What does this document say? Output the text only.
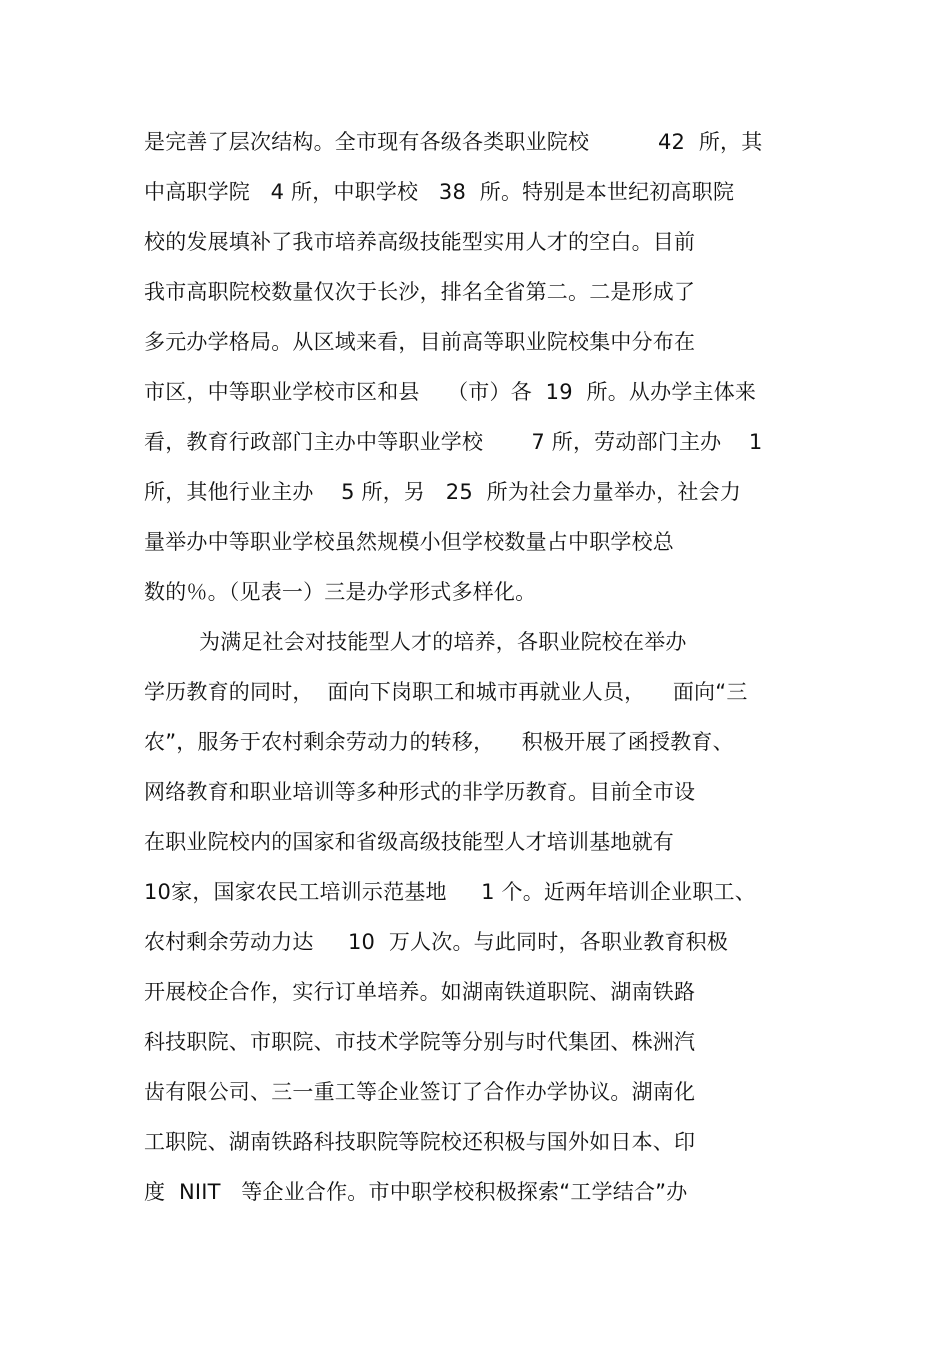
是完善了层次结构。全市现有各级各类职业院校          42  所，其
中高职学院   4 所，中职学校   38  所。特别是本世纪初高职院
校的发展填补了我市培养高级技能型实用人才的空白。目前
我市高职院校数量仅次于长沙，排名全省第二。二是形成了
多元办学格局。从区域来看，目前高等职业院校集中分布在
市区，中等职业学校市区和县    （市）各  19  所。从办学主体来
看，教育行政部门主办中等职业学校       7 所，劳动部门主办    1
所，其他行业主办    5 所，另   25  所为社会力量举办，社会力
量举办中等职业学校虽然规模小但学校数量占中职学校总
数的％。（见表一）三是办学形式多样化。
为满足社会对技能型人才的培养，各职业院校在举办
学历教育的同时，  面向下岗职工和城市再就业人员，    面向“三
农”，服务于农村剩余劳动力的转移，    积极开展了函授教育、
网络教育和职业培训等多种形式的非学历教育。目前全市设
在职业院校内的国家和省级高级技能型人才培训基地就有
10家，国家农民工培训示范基地     1 个。近两年培训企业职工、
农村剩余劳动力达     10  万人次。与此同时，各职业教育积极
开展校企合作，实行订单培养。如湖南铁道职院、湖南铁路
科技职院、市职院、市技术学院等分别与时代集团、株洲汽
齿有限公司、三一重工等企业签订了合作办学协议。湖南化
工职院、湖南铁路科技职院等院校还积极与国外如日本、印
度  NIIT   等企业合作。市中职学校积极探索“工学结合”办
